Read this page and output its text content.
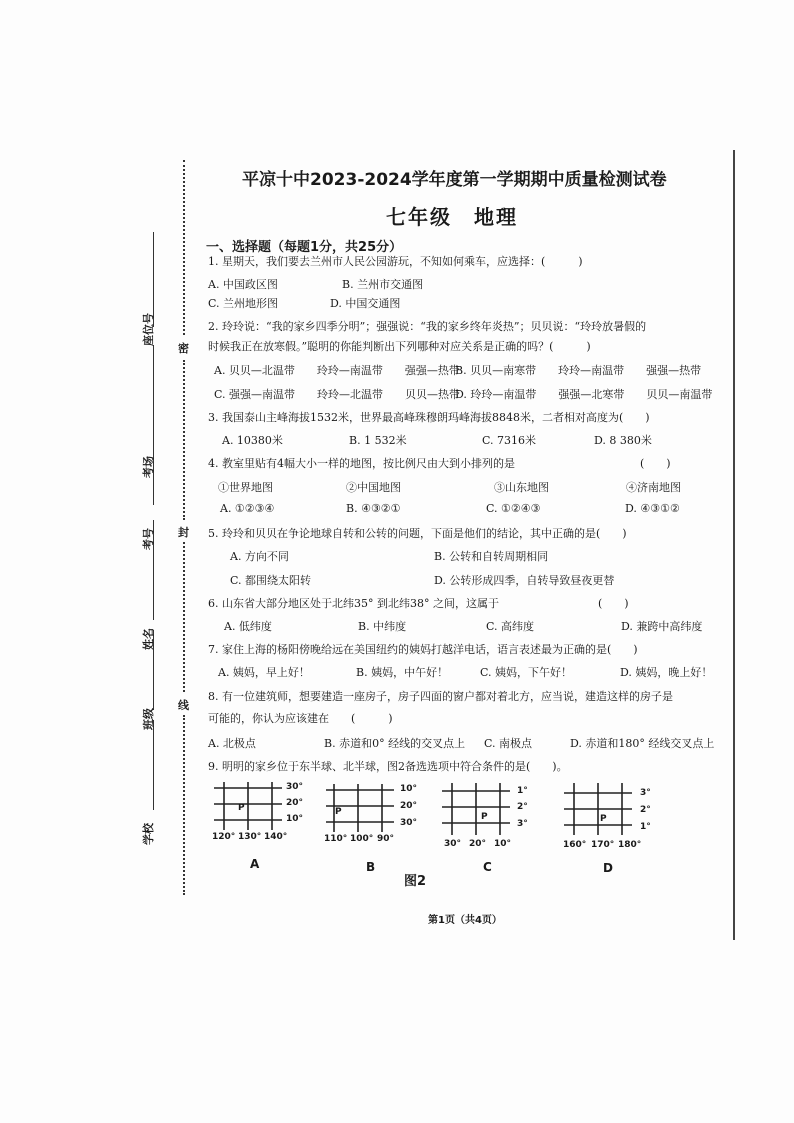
座位号
考场
考号
姓名
班级
学校
密
封
线
平凉十中2023-2024学年度第一学期期中质量检测试卷
七年级　地理
一、选择题（每题1分，共25分）
1. 星期天，我们要去兰州市人民公园游玩，不知如何乘车，应选择：(　　　)
A. 中国政区图	B. 兰州市交通图
C. 兰州地形图	D. 中国交通图
2. 玲玲说：“我的家乡四季分明”；强强说：“我的家乡终年炎热”；贝贝说：“玲玲放暑假的
时候我正在放寒假。”聪明的你能判断出下列哪种对应关系是正确的吗？(　　　)
A. 贝贝—北温带　　玲玲—南温带　　强强—热带
B. 贝贝—南寒带　　玲玲—南温带　　强强—热带
C. 强强—南温带　　玲玲—北温带　　贝贝—热带
D. 玲玲—南温带　　强强—北寒带　　贝贝—南温带
3. 我国泰山主峰海拔1532米，世界最高峰珠穆朗玛峰海拔8848米，二者相对高度为(　　)
A. 10380米	B. 1 532米	C. 7316米	D. 8 380米
4. 教室里贴有4幅大小一样的地图，按比例尺由大到小排列的是	(　　)
①世界地图	②中国地图	③山东地图	④济南地图
A. ①②③④	B. ④③②①	C. ①②④③	D. ④③①②
5. 玲玲和贝贝在争论地球自转和公转的问题，下面是他们的结论，其中正确的是(　　)
A. 方向不同	B. 公转和自转周期相同
C. 都围绕太阳转	D. 公转形成四季，自转导致昼夜更替
6. 山东省大部分地区处于北纬35° 到北纬38° 之间，这属于	(　　)
A. 低纬度	B. 中纬度	C. 高纬度	D. 兼跨中高纬度
7. 家住上海的杨阳傍晚给远在美国纽约的姨妈打越洋电话，语言表述最为正确的是(　　)
A. 姨妈，早上好！	B. 姨妈，中午好！	C. 姨妈，下午好！	D. 姨妈，晚上好！
8. 有一位建筑师，想要建造一座房子，房子四面的窗户都对着北方，应当说，建造这样的房子是
可能的，你认为应该建在　　(　　　)
A. 北极点	B. 赤道和0° 经线的交叉点上 C. 南极点	D. 赤道和180° 经线交叉点上
9. 明明的家乡位于东半球、北半球，图2备选选项中符合条件的是(　　)。
P
30°
20°
10°
120° 130° 140°
A
P
10°
20°
30°
110° 100° 90°
B
P
1°
2°
3°
30° 20° 10°
C
P
3°
2°
1°
160° 170° 180°
D
图2
第1页（共4页）
